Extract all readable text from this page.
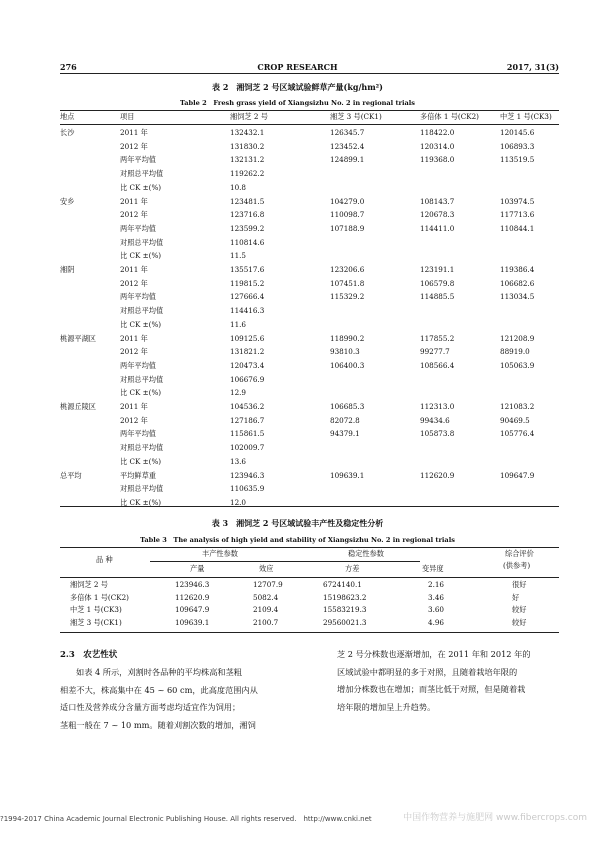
276	CROP RESEARCH	2017, 31(3)
表 2　湘饲芝 2 号区域试验鲜草产量(kg/hm²)
Table 2　Fresh grass yield of Xiangsizhu No. 2 in regional trials
地点	项目	湘饲芝 2 号	湘芝 3 号(CK1)	多倍体 1 号(CK2)	中芝 1 号(CK3)
长沙	2011 年	132432.1	126345.7	118422.0	120145.6
2012 年	131830.2	123452.4	120314.0	106893.3
两年平均值	132131.2	124899.1	119368.0	113519.5
对照总平均值	119262.2
比 CK ±(%)	10.8
安乡	2011 年	123481.5	104279.0	108143.7	103974.5
2012 年	123716.8	110098.7	120678.3	117713.6
两年平均值	123599.2	107188.9	114411.0	110844.1
对照总平均值	110814.6
比 CK ±(%)	11.5
湘阴	2011 年	135517.6	123206.6	123191.1	119386.4
2012 年	119815.2	107451.8	106579.8	106682.6
两年平均值	127666.4	115329.2	114885.5	113034.5
对照总平均值	114416.3
比 CK ±(%)	11.6
桃源平湖区	2011 年	109125.6	118990.2	117855.2	121208.9
2012 年	131821.2	93810.3	99277.7	88919.0
两年平均值	120473.4	106400.3	108566.4	105063.9
对照总平均值	106676.9
比 CK ±(%)	12.9
桃源丘陵区	2011 年	104536.2	106685.3	112313.0	121083.2
2012 年	127186.7	82072.8	99434.6	90469.5
两年平均值	115861.5	94379.1	105873.8	105776.4
对照总平均值	102009.7
比 CK ±(%)	13.6
总平均	平均鲜草重	123946.3	109639.1	112620.9	109647.9
对照总平均值	110635.9
比 CK ±(%)	12.0
表 3　湘饲芝 2 号区域试验丰产性及稳定性分析
Table 3　The analysis of high yield and stability of Xiangsizhu No. 2 in regional trials
品 种
丰产性参数	稳定性参数	综合评价
(供参考)
产量	效应	方差	变异度
湘饲芝 2 号	123946.3	12707.9	6724140.1	2.16	很好
多倍体 1 号(CK2)	112620.9	5082.4	15198623.2	3.46	好
中芝 1 号(CK3)	109647.9	2109.4	15583219.3	3.60	较好
湘芝 3 号(CK1)	109639.1	2100.7	29560021.3	4.96	较好
2.3　农艺性状
如表 4 所示，刈割时各品种的平均株高和茎粗
相差不大，株高集中在 45 ~ 60 cm，此高度范围内从
适口性及营养成分含量方面考虑均适宜作为饲用；
茎粗一般在 7 ~ 10 mm。随着刈割次数的增加，湘饲
芝 2 号分株数也逐渐增加，在 2011 年和 2012 年的
区域试验中都明显的多于对照，且随着栽培年限的
增加分株数也在增加；而茎比低于对照，但是随着栽
培年限的增加呈上升趋势。
?1994-2017 China Academic Journal Electronic Publishing House. All rights reserved.　http://www.cnki.net	中国作物营养与施肥网 www.fibercrops.com
